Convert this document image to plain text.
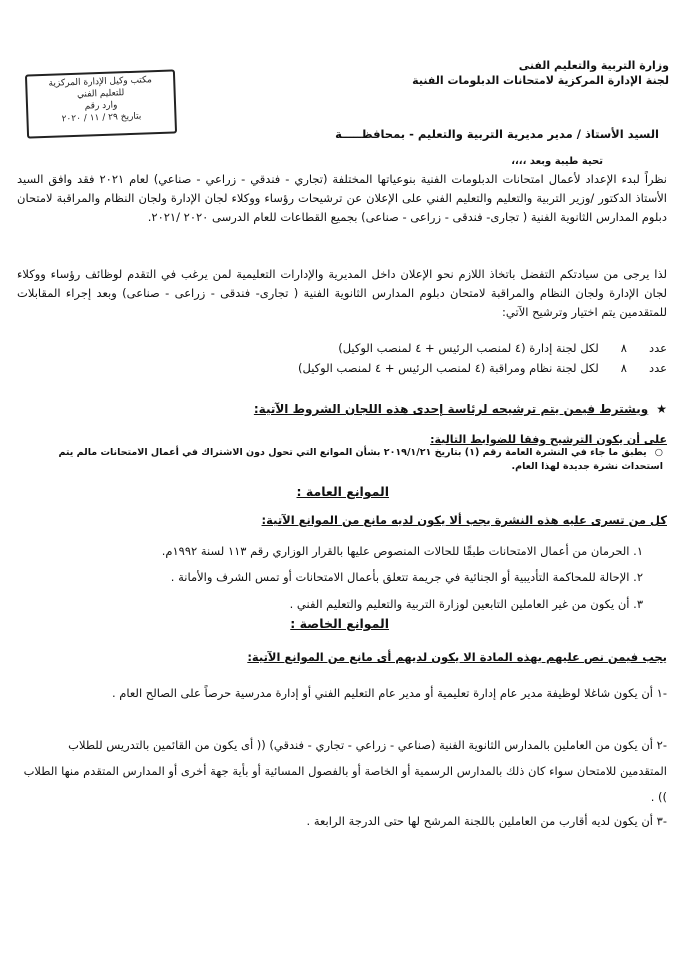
وزارة التربية والتعليم الفنى
لجنة الإدارة المركزية لامتحانات الدبلومات الفنية
مكتب وكيل الإدارة المركزية
للتعليم الفني
وارد رقم
بتاريخ ٢٩ / ١١ / ٢٠٢٠
السيد الأستاذ / مدير مديرية التربية والتعليم - بمحافظـــــة
تحية طيبة وبعد ،،،،
نظراً لبدء الإعداد لأعمال امتحانات الدبلومات الفنية بنوعياتها المختلفة (تجاري - فندقي - زراعي - صناعي) لعام ٢٠٢١ فقد وافق السيد الأستاذ الدكتور /وزير التربية والتعليم والتعليم الفني على الإعلان عن ترشيحات رؤساء ووكلاء لجان الإدارة ولجان النظام والمراقبة لامتحان دبلوم المدارس الثانوية الفنية ( تجارى- فندقى - زراعى - صناعى) بجميع القطاعات للعام الدرسى ٢٠٢٠ /٢٠٢١.
لذا يرجى من سيادتكم التفضل باتخاذ اللازم نحو الإعلان داخل المديرية والإدارات التعليمية لمن يرغب في التقدم لوظائف رؤساء ووكلاء لجان الإدارة ولجان النظام والمراقبة لامتحان دبلوم المدارس الثانوية الفنية ( تجارى- فندقى - زراعى - صناعى) وبعد إجراء المقابلات للمتقدمين يتم اختيار وترشيح الآتي:
عدد
٨
لكل لجنة إدارة (٤ لمنصب الرئيس + ٤ لمنصب الوكيل)
عدد
٨
لكل لجنة نظام ومراقبة (٤ لمنصب الرئيس + ٤ لمنصب الوكيل)
★ويشترط فيمن يتم ترشيحه لرئاسة إحدى هذه اللجان الشروط الآتية:
على أن يكون الترشيح وفقا للضوابط التالية:
○يطبق ما جاء في النشرة العامة رقم (١) بتاريخ ٢٠١٩/١/٢١ بشأن الموانع التي تحول دون الاشتراك في أعمال الامتحانات مالم يتم استحداث نشرة جديدة لهذا العام.
الموانع العامة :
كل من تسرى عليه هذه النشرة يجب ألا يكون لديه مانع من الموانع الآتية:
١. الحرمان من أعمال الامتحانات طبقًا للحالات المنصوص عليها بالقرار الوزاري رقم ١١٣ لسنة ١٩٩٢م.
٢. الإحالة للمحاكمة التأديبية أو الجنائية في جريمة تتعلق بأعمال الامتحانات أو تمس الشرف والأمانة .
٣. أن يكون من غير العاملين التابعين لوزارة التربية والتعليم والتعليم الفني .
الموانع الخاصة :
يجب فيمن نص عليهم بهذه المادة الا يكون لديهم أى مانع من الموانع الآتية:
-١ أن يكون شاغلا لوظيفة مدير عام إدارة تعليمية أو مدير عام التعليم الفني أو إدارة مدرسية حرصاً على الصالح العام .
-٢ أن يكون من العاملين بالمدارس الثانوية الفنية (صناعي - زراعي - تجاري - فندقي) (( أى يكون من القائمين بالتدريس للطلاب المتقدمين للامتحان سواء كان ذلك بالمدارس الرسمية أو الخاصة أو بالفصول المسائية أو بأية جهة أخرى أو المدارس المتقدم منها الطلاب )) .
-٣ أن يكون لديه أقارب من العاملين باللجنة المرشح لها حتى الدرجة الرابعة .
